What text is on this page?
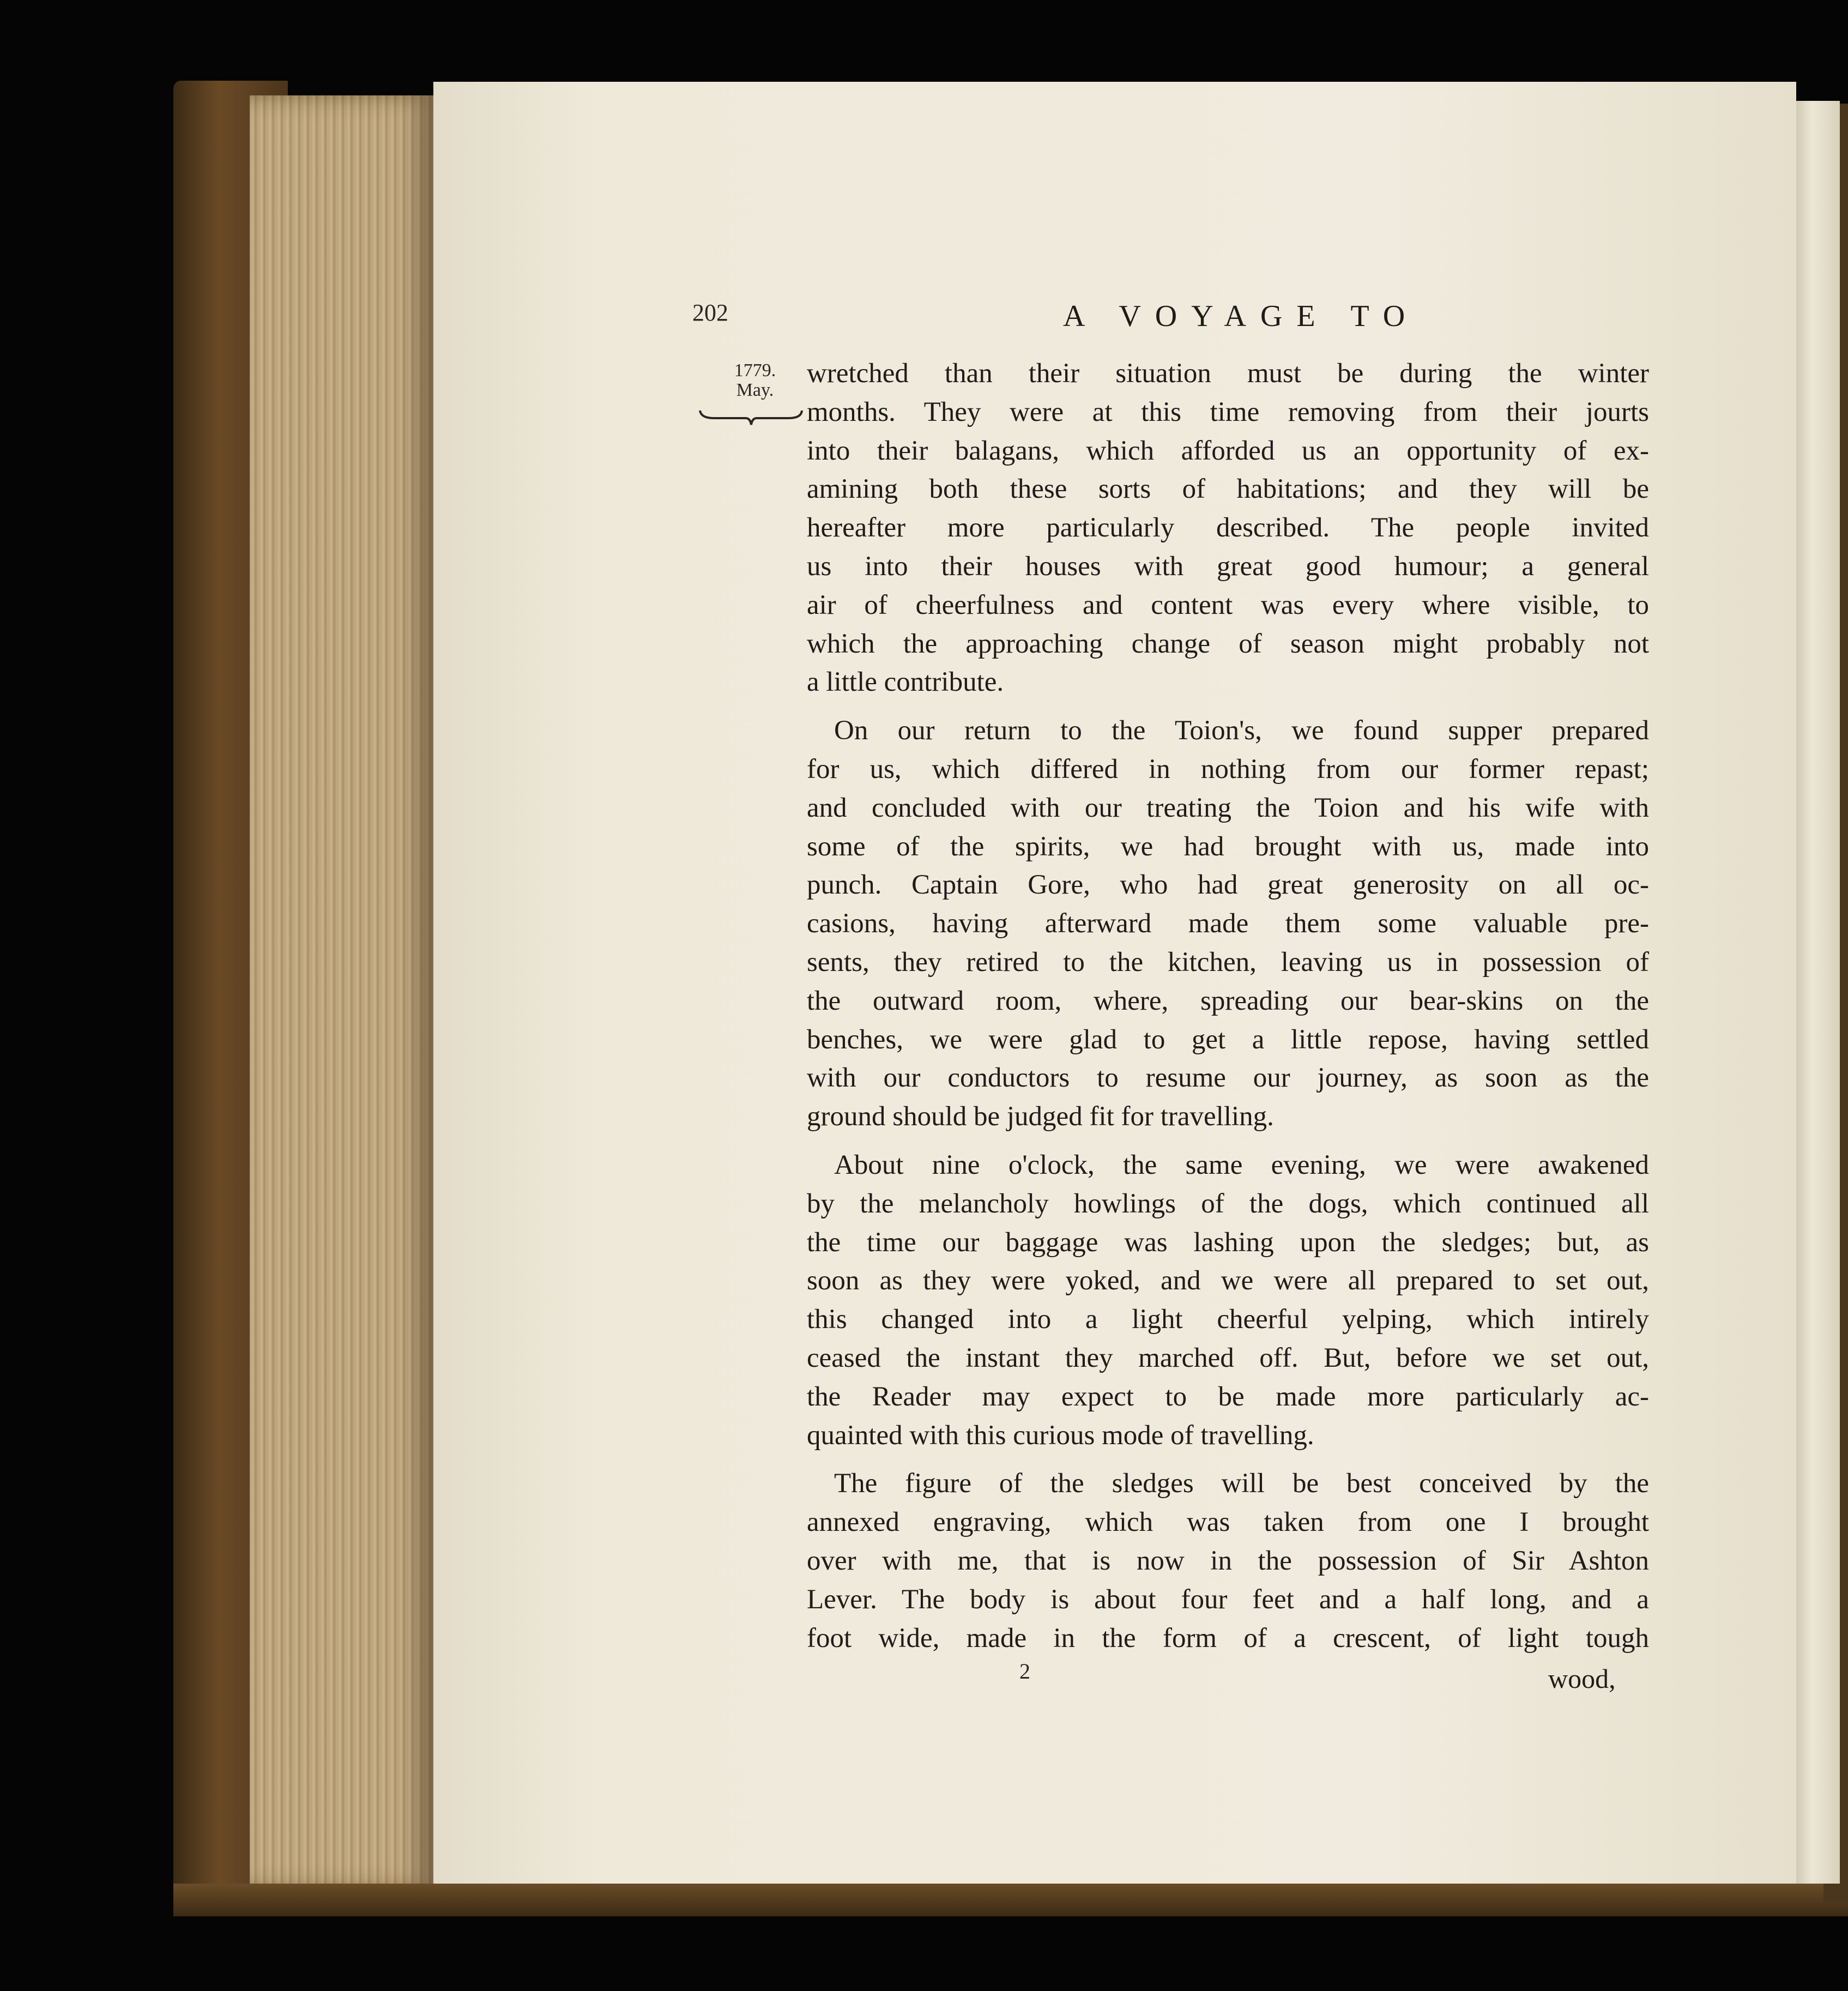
202	A VOYAGE TO
1779.
May.
wretched than their situation must be during the winter
months. They were at this time removing from their jourts
into their balagans, which afforded us an opportunity of ex-
amining both these sorts of habitations; and they will be
hereafter more particularly described. The people invited
us into their houses with great good humour; a general
air of cheerfulness and content was every where visible, to
which the approaching change of season might probably not
a little contribute.
On our return to the Toion's, we found supper prepared
for us, which differed in nothing from our former repast;
and concluded with our treating the Toion and his wife with
some of the spirits, we had brought with us, made into
punch. Captain Gore, who had great generosity on all oc-
casions, having afterward made them some valuable pre-
sents, they retired to the kitchen, leaving us in possession of
the outward room, where, spreading our bear-skins on the
benches, we were glad to get a little repose, having settled
with our conductors to resume our journey, as soon as the
ground should be judged fit for travelling.
About nine o'clock, the same evening, we were awakened
by the melancholy howlings of the dogs, which continued all
the time our baggage was lashing upon the sledges; but, as
soon as they were yoked, and we were all prepared to set out,
this changed into a light cheerful yelping, which intirely
ceased the instant they marched off. But, before we set out,
the Reader may expect to be made more particularly ac-
quainted with this curious mode of travelling.
The figure of the sledges will be best conceived by the
annexed engraving, which was taken from one I brought
over with me, that is now in the possession of Sir Ashton
Lever. The body is about four feet and a half long, and a
foot wide, made in the form of a crescent, of light tough
2	wood,
